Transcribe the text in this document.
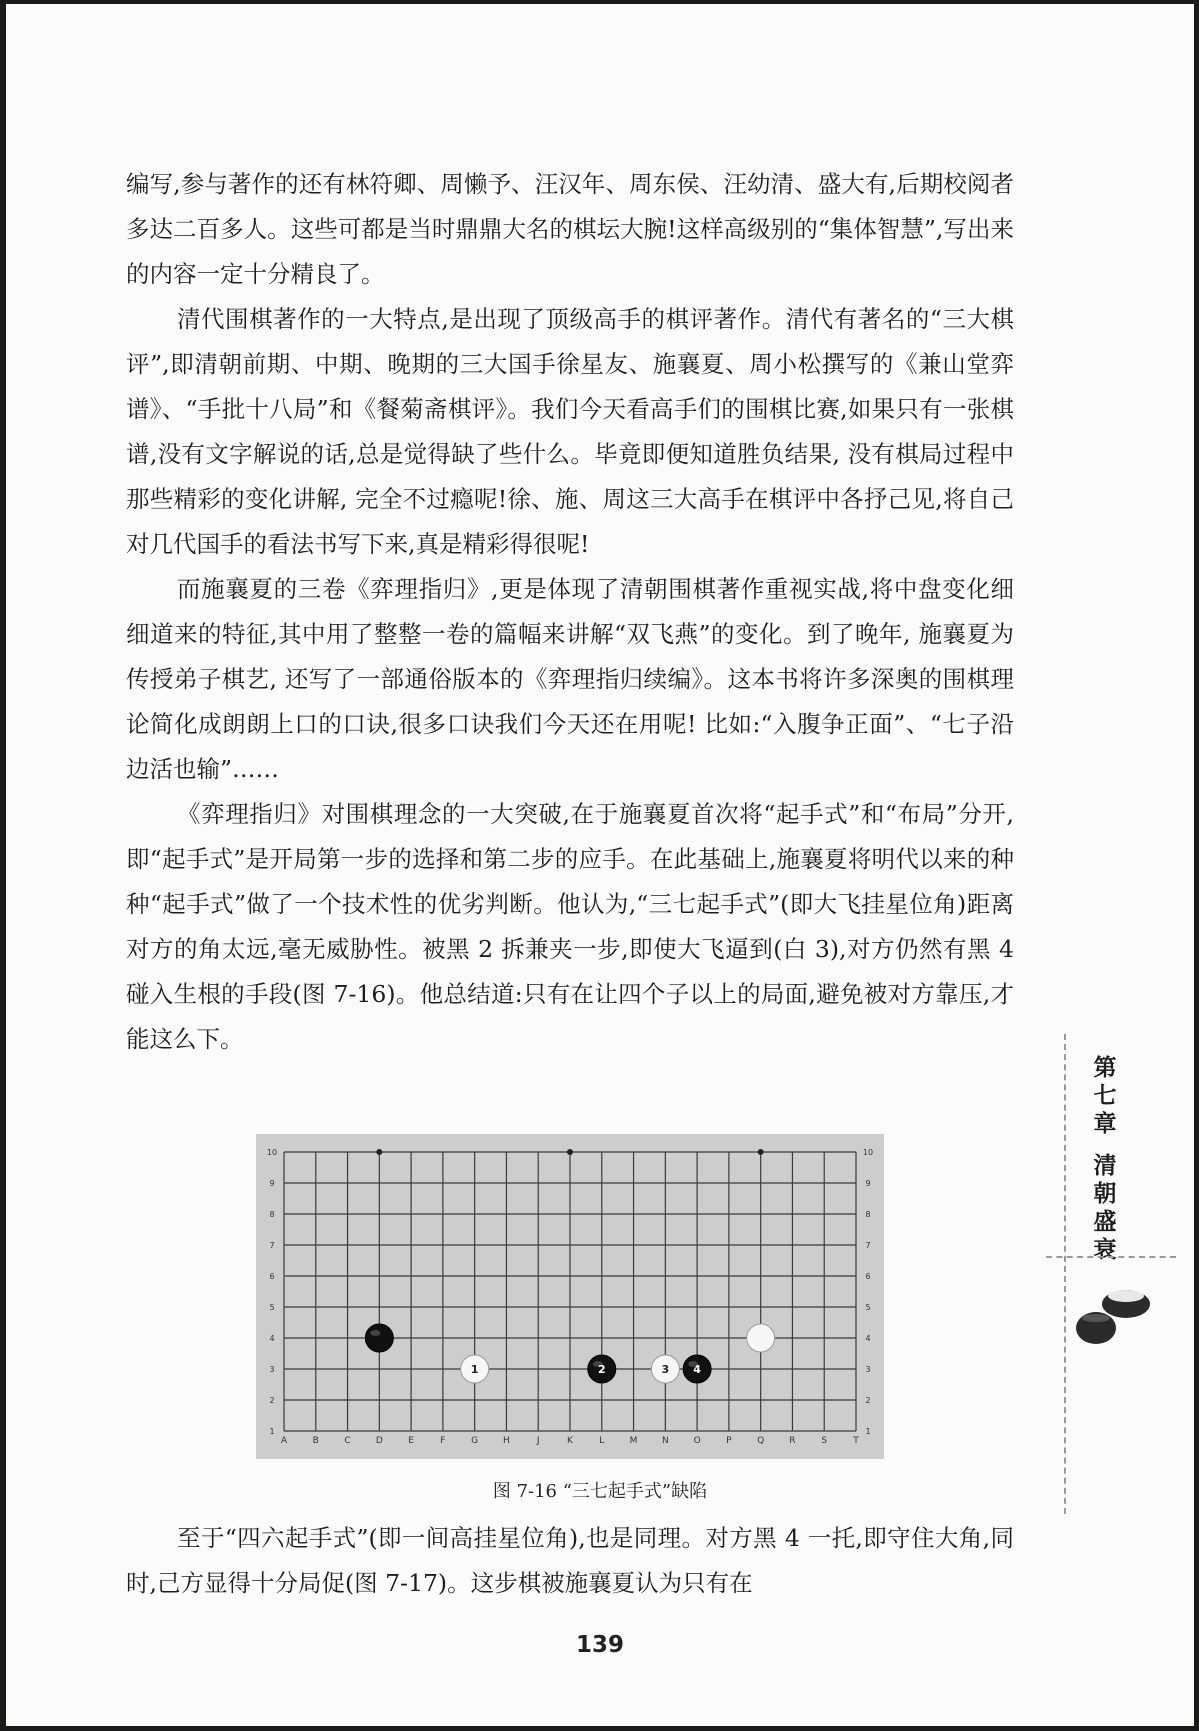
编写,参与著作的还有林符卿、周懒予、汪汉年、周东侯、汪幼清、盛大有,后期校阅者多达二百多人。这些可都是当时鼎鼎大名的棋坛大腕!这样高级别的“集体智慧”,写出来的内容一定十分精良了。

清代围棋著作的一大特点,是出现了顶级高手的棋评著作。清代有著名的“三大棋评”,即清朝前期、中期、晚期的三大国手徐星友、施襄夏、周小松撰写的《兼山堂弈谱》、“手批十八局”和《餐菊斋棋评》。我们今天看高手们的围棋比赛,如果只有一张棋谱,没有文字解说的话,总是觉得缺了些什么。毕竟即便知道胜负结果, 没有棋局过程中那些精彩的变化讲解, 完全不过瘾呢!徐、施、周这三大高手在棋评中各抒己见,将自己对几代国手的看法书写下来,真是精彩得很呢!

而施襄夏的三卷《弈理指归》,更是体现了清朝围棋著作重视实战,将中盘变化细细道来的特征,其中用了整整一卷的篇幅来讲解“双飞燕”的变化。到了晚年, 施襄夏为传授弟子棋艺, 还写了一部通俗版本的《弈理指归续编》。这本书将许多深奥的围棋理论简化成朗朗上口的口诀,很多口诀我们今天还在用呢! 比如:“入腹争正面”、“七子沿边活也输”……

《弈理指归》对围棋理念的一大突破,在于施襄夏首次将“起手式”和“布局”分开,即“起手式”是开局第一步的选择和第二步的应手。在此基础上,施襄夏将明代以来的种种“起手式”做了一个技术性的优劣判断。他认为,“三七起手式”(即大飞挂星位角)距离对方的角太远,毫无威胁性。被黑 2 拆兼夹一步,即使大飞逼到(白 3),对方仍然有黑 4 碰入生根的手段(图 7-16)。他总结道:只有在让四个子以上的局面,避免被对方靠压,才能这么下。

A	B	C	D	E	F	G	H	J	K	L	M	N	O	P	Q	R	S	T
1	1
2	2
3	3
4	4
5	5
6	6
7	7
8	8
9	9
10	10
1	2	3 4
图 7-16 “三七起手式”缺陷

至于“四六起手式”(即一间高挂星位角),也是同理。对方黑 4 一托,即守住大角,同时,己方显得十分局促(图 7-17)。这步棋被施襄夏认为只有在

139
第
七
章
清
朝
盛
衰
